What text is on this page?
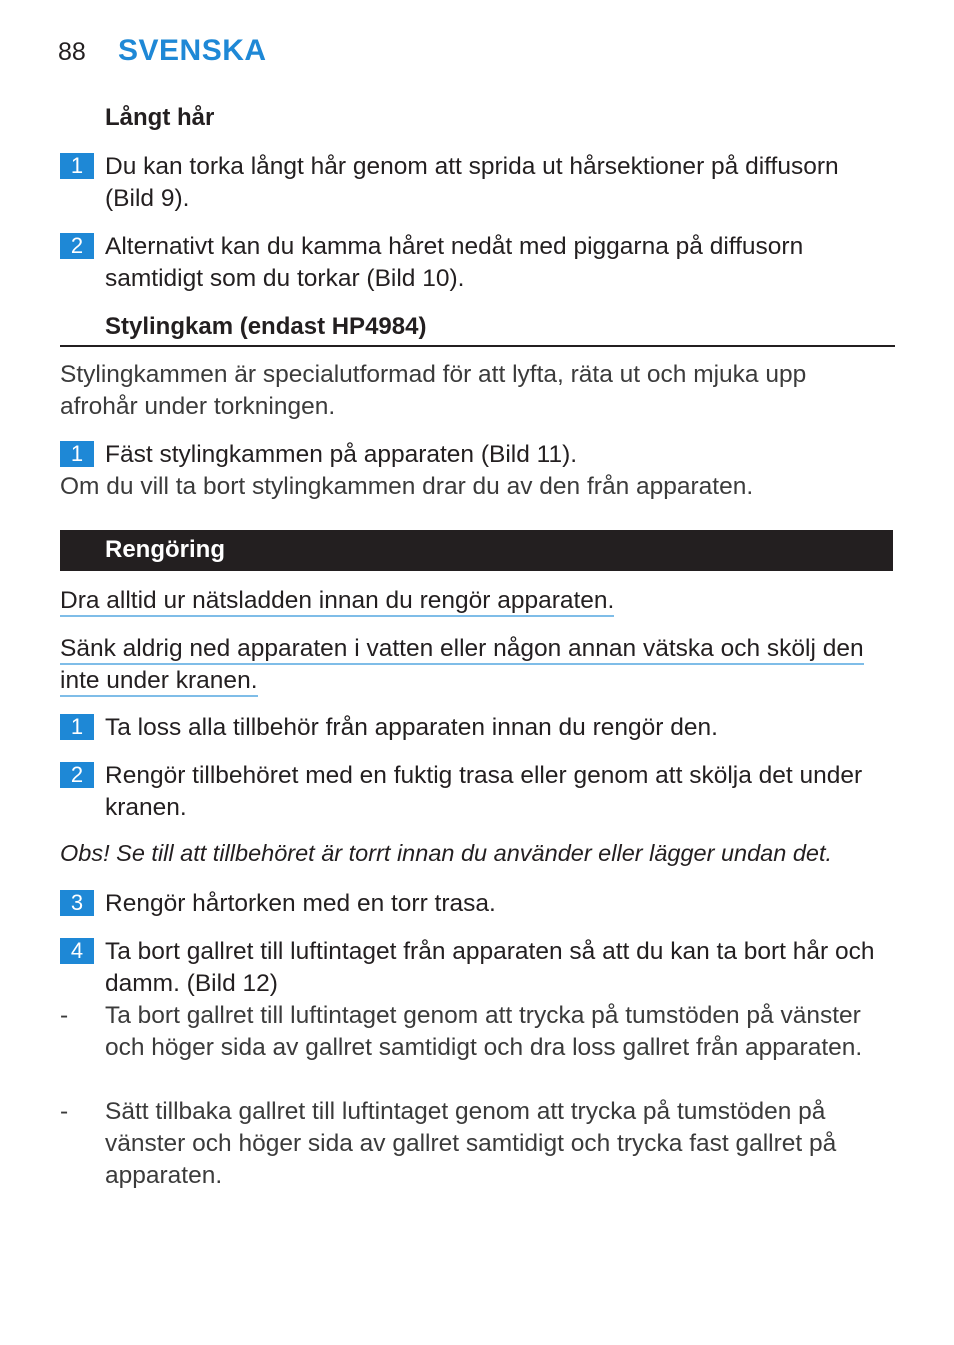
88 SVENSKA
Långt hår
1 Du kan torka långt hår genom att sprida ut hårsektioner på diffusorn (Bild 9).
2 Alternativt kan du kamma håret nedåt med piggarna på diffusorn samtidigt som du torkar (Bild 10).
Stylingkam (endast HP4984)
Stylingkammen är specialutformad för att lyfta, räta ut och mjuka upp afrohår under torkningen.
1 Fäst stylingkammen på apparaten (Bild 11).
Om du vill ta bort stylingkammen drar du av den från apparaten.
Rengöring
Dra alltid ur nätsladden innan du rengör apparaten.
Sänk aldrig ned apparaten i vatten eller någon annan vätska och skölj den inte under kranen.
1 Ta loss alla tillbehör från apparaten innan du rengör den.
2 Rengör tillbehöret med en fuktig trasa eller genom att skölja det under kranen.
Obs! Se till att tillbehöret är torrt innan du använder eller lägger undan det.
3 Rengör hårtorken med en torr trasa.
4 Ta bort gallret till luftintaget från apparaten så att du kan ta bort hår och damm. (Bild 12)
- Ta bort gallret till luftintaget genom att trycka på tumstöden på vänster och höger sida av gallret samtidigt och dra loss gallret från apparaten.
- Sätt tillbaka gallret till luftintaget genom att trycka på tumstöden på vänster och höger sida av gallret samtidigt och trycka fast gallret på apparaten.
